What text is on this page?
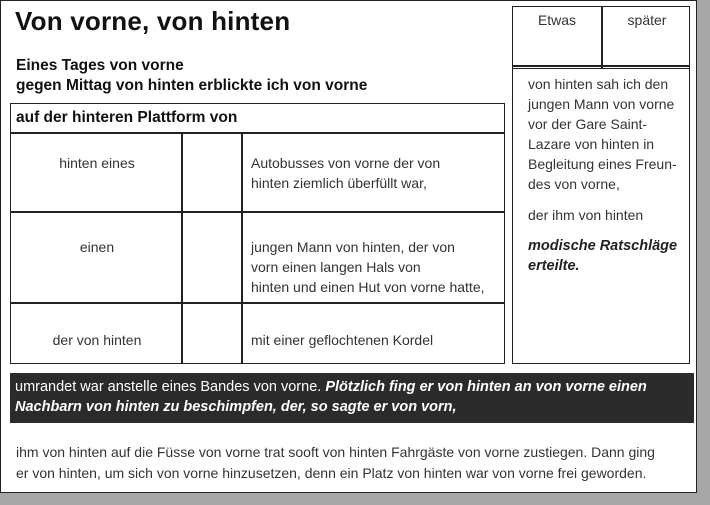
Von vorne, von hinten
Eines Tages von vorne
gegen Mittag von hinten erblickte ich von vorne
auf der hinteren Plattform von
hinten eines	Autobusses von vorne der von
hinten ziemlich überfüllt war,
einen	jungen Mann von hinten, der von
vorn einen langen Hals von
hinten und einen Hut von vorne hatte,
der von hinten	mit einer geflochtenen Kordel
Etwas	später

von hinten sah ich den

jungen Mann von vorne

vor der Gare Saint-

Lazare von hinten in

Begleitung eines Freun-

des von vorne,

der ihm von hinten

modische Ratschläge

erteilte.

umrandet war anstelle eines Bandes von vorne. Plötzlich fing er von hinten an von vorne einen
Nachbarn von hinten zu beschimpfen, der, so sagte er von vorn,
ihm von hinten auf die Füsse von vorne trat sooft von hinten Fahrgäste von vorne zustiegen. Dann ging
er von hinten, um sich von vorne hinzusetzen, denn ein Platz von hinten war von vorne frei geworden.
